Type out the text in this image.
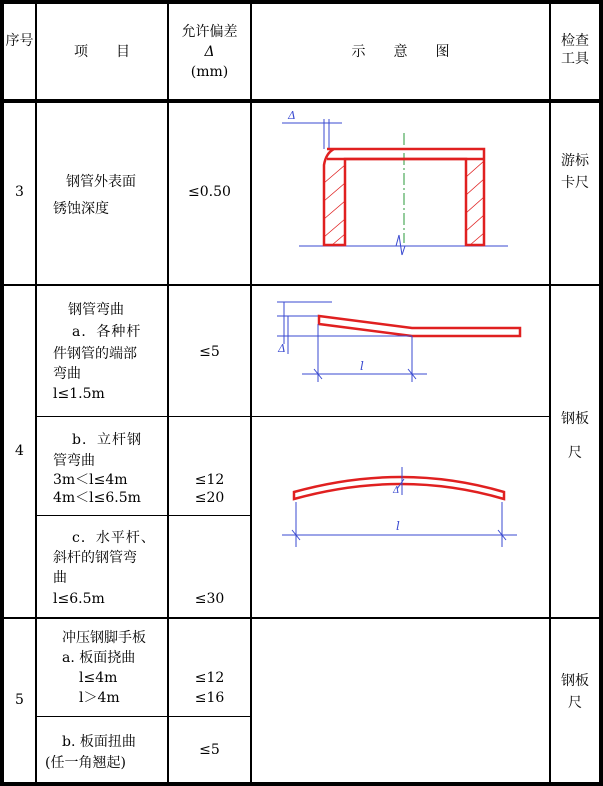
序号
项　　目
允许偏差
Δ
(mm)
示　　意　　图
检查工具
3
钢管外表面
锈蚀深度
≤0.50
游标卡尺
Δ
4
钢管弯曲
a．各种杆
件钢管的端部
弯曲
l≤1.5m
≤5
b．立杆钢
管弯曲
3m＜l≤4m
4m＜l≤6.5m
≤12
≤20
c．水平杆、
斜杆的钢管弯
曲
l≤6.5m	≤30
钢板尺
Δ
l
Δ
l
5
冲压钢脚手板
a. 板面挠曲
l≤4m
l＞4m
≤12
≤16
b. 板面扭曲
(任一角翘起)
≤5
钢板尺
